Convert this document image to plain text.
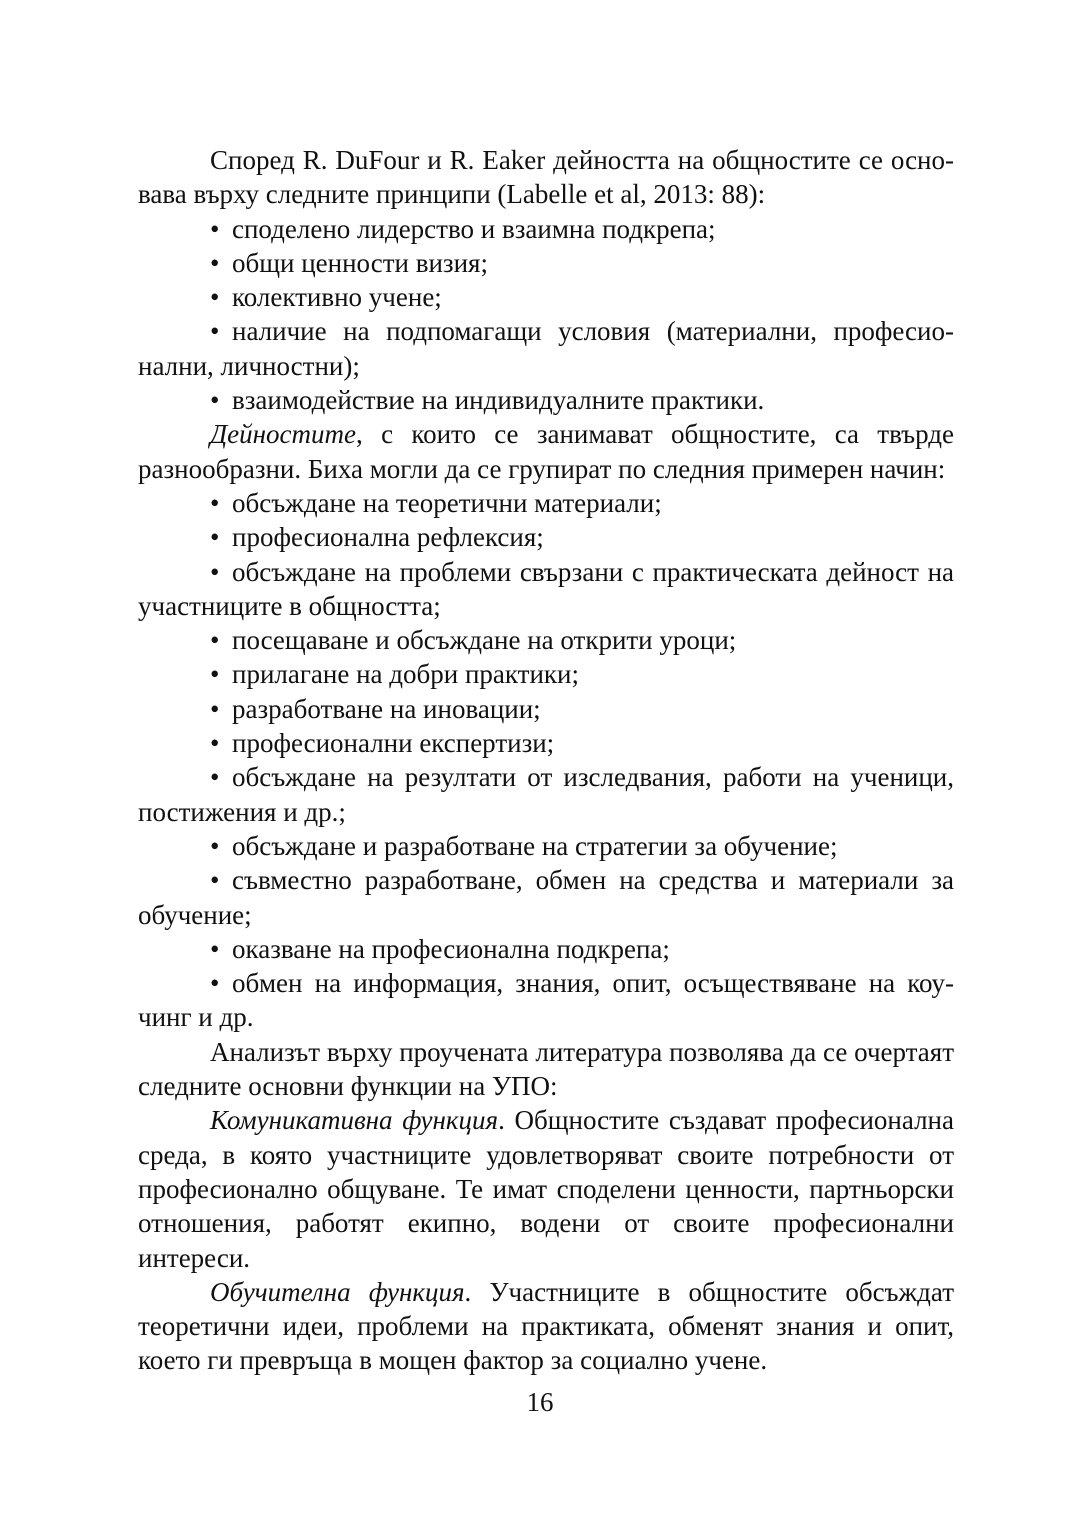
Според R. DuFour и R. Eaker дейността на общностите се основава върху следните принципи (Labelle et al, 2013: 88):

• споделено лидерство и взаимна подкрепа;

• общи ценности визия;

• колективно учене;

• наличие на подпомагащи условия (материални, професионални, личностни);

• взаимодействие на индивидуалните практики.

Дейностите, с които се занимават общностите, са твърде разнообразни. Биха могли да се групират по следния примерен начин:

• обсъждане на теоретични материали;

• професионална рефлексия;

• обсъждане на проблеми свързани с практическата дейност на участниците в общността;

• посещаване и обсъждане на открити уроци;

• прилагане на добри практики;

• разработване на иновации;

• професионални експертизи;

• обсъждане на резултати от изследвания, работи на ученици, постижения и др.;

• обсъждане и разработване на стратегии за обучение;

• съвместно разработване, обмен на средства и материали за обучение;

• оказване на професионална подкрепа;

• обмен на информация, знания, опит, осъществяване на коучинг и др.

Анализът върху проучената литература позволява да се очертаят следните основни функции на УПО:

Комуникативна функция. Общностите създават професионална среда, в която участниците удовлетворяват своите потребности от професионално общуване. Те имат споделени ценности, партньорски отношения, работят екипно, водени от своите професионални интереси.

Обучителна функция. Участниците в общностите обсъждат теоретични идеи, проблеми на практиката, обменят знания и опит, което ги превръща в мощен фактор за социално учене.

16
